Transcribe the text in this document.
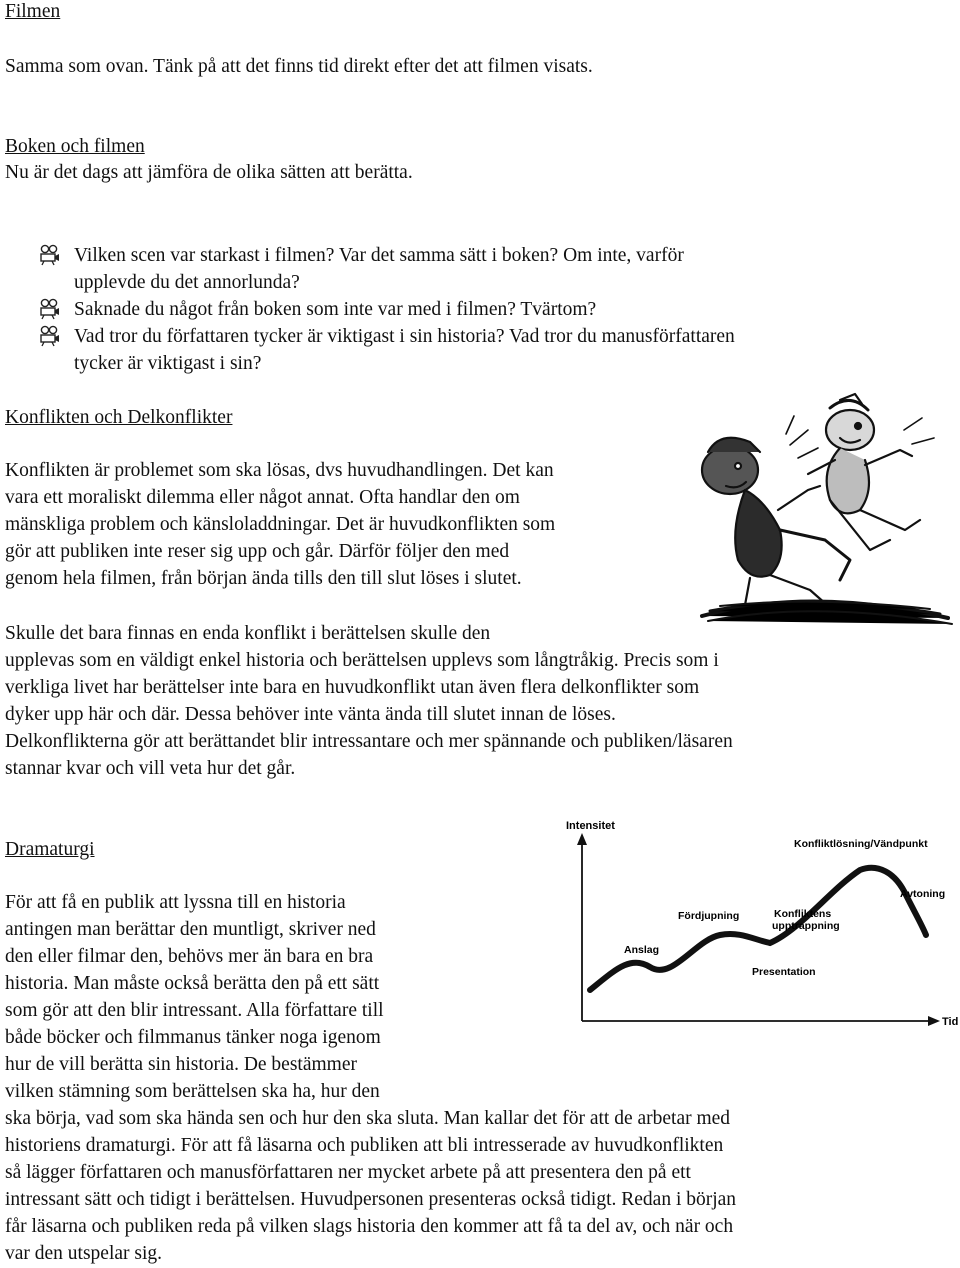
Filmen

Samma som ovan. Tänk på att det finns tid direkt efter det att filmen visats.

Boken och filmen

Nu är det dags att jämföra de olika sätten att berätta.

Vilken scen var starkast i filmen? Var det samma sätt i boken? Om inte, varför
upplevde du det annorlunda?
Saknade du något från boken som inte var med i filmen? Tvärtom?
Vad tror du författaren tycker är viktigast i sin historia? Vad tror du manusförfattaren
tycker är viktigast i sin?

Konflikten och Delkonflikter

Konflikten är problemet som ska lösas, dvs huvudhandlingen. Det kan

vara ett moraliskt dilemma eller något annat. Ofta handlar den om

mänskliga problem och känsloladdningar. Det är huvudkonflikten som

gör att publiken inte reser sig upp och går. Därför följer den med

genom hela filmen, från början ända tills den till slut löses i slutet.

Skulle det bara finnas en enda konflikt i berättelsen skulle den

upplevas som en väldigt enkel historia och berättelsen upplevs som långtråkig. Precis som i

verkliga livet har berättelser inte bara en huvudkonflikt utan även flera delkonflikter som

dyker upp här och där. Dessa behöver inte vänta ända till slutet innan de löses.

Delkonflikterna gör att berättandet blir intressantare och mer spännande och publiken/läsaren

stannar kvar och vill veta hur det går.

Dramaturgi

För att få en publik att lyssna till en historia

antingen man berättar den muntligt, skriver ned

den eller filmar den, behövs mer än bara en bra

historia. Man måste också berätta den på ett sätt

som gör att den blir intressant. Alla författare till

både böcker och filmmanus tänker noga igenom

hur de vill berätta sin historia. De bestämmer

vilken stämning som berättelsen ska ha, hur den

ska börja, vad som ska hända sen och hur den ska sluta. Man kallar det för att de arbetar med

historiens dramaturgi. För att få läsarna och publiken att bli intresserade av huvudkonflikten

så lägger författaren och manusförfattaren ner mycket arbete på att presentera den på ett

intressant sätt och tidigt i berättelsen. Huvudpersonen presenteras också tidigt. Redan i början

får läsarna och publiken reda på vilken slags historia den kommer att få ta del av, och när och

var den utspelar sig.

Intensitet
Tid
Konfliktlösning/Vändpunkt
Avtoning
Fördjupning	Konfliktens
upptrappning
Anslag
Presentation
